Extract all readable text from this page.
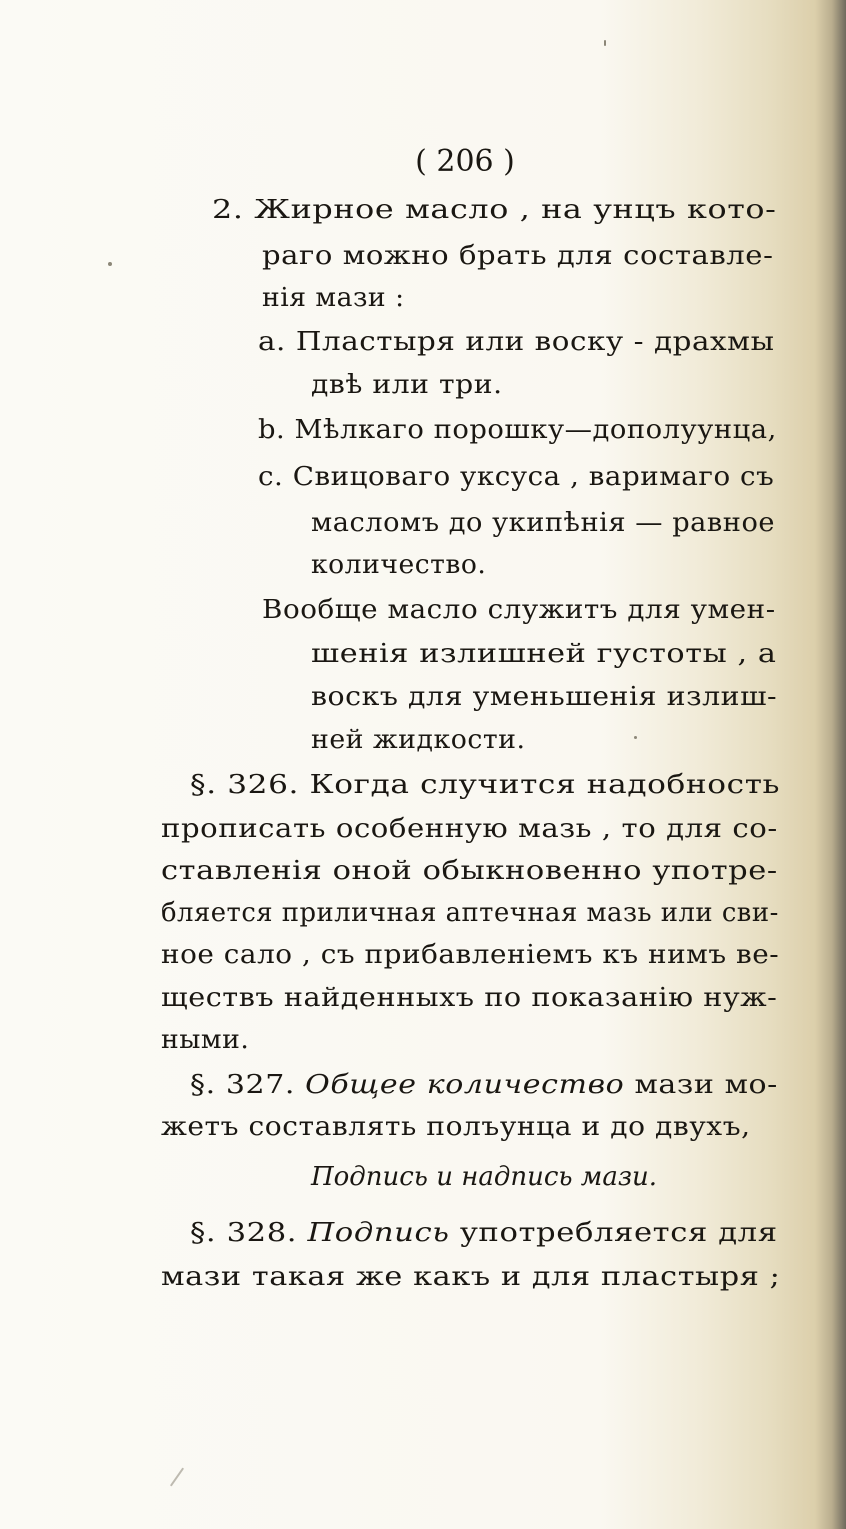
( 206 )
2. Жирное масло , на унцъ кото-
раго можно брать для составле-
нія мази :
a. Пластыря или воску - драхмы
двѣ или три.
b. Мѣлкаго порошку—дополуунца,
c. Свицоваго уксуса , варимаго съ
масломъ до укипѣнія — равное
количество.
Вообще масло служитъ для умен-
шенія излишней густоты , а
воскъ для уменьшенія излиш-
ней жидкости.
§. 326. Когда случится надобность
прописать особенную мазь , то для со-
ставленія оной обыкновенно употре-
бляется приличная аптечная мазь или сви-
ное сало , съ прибавленіемъ къ нимъ ве-
ществъ найденныхъ по показанію нуж-
ными.
§. 327. Общее количество мази мо-
жетъ составлять полъунца и до двухъ,
Подпись и надпись мази.
§. 328. Подпись употребляется для
мази такая же какъ и для пластыря ;
